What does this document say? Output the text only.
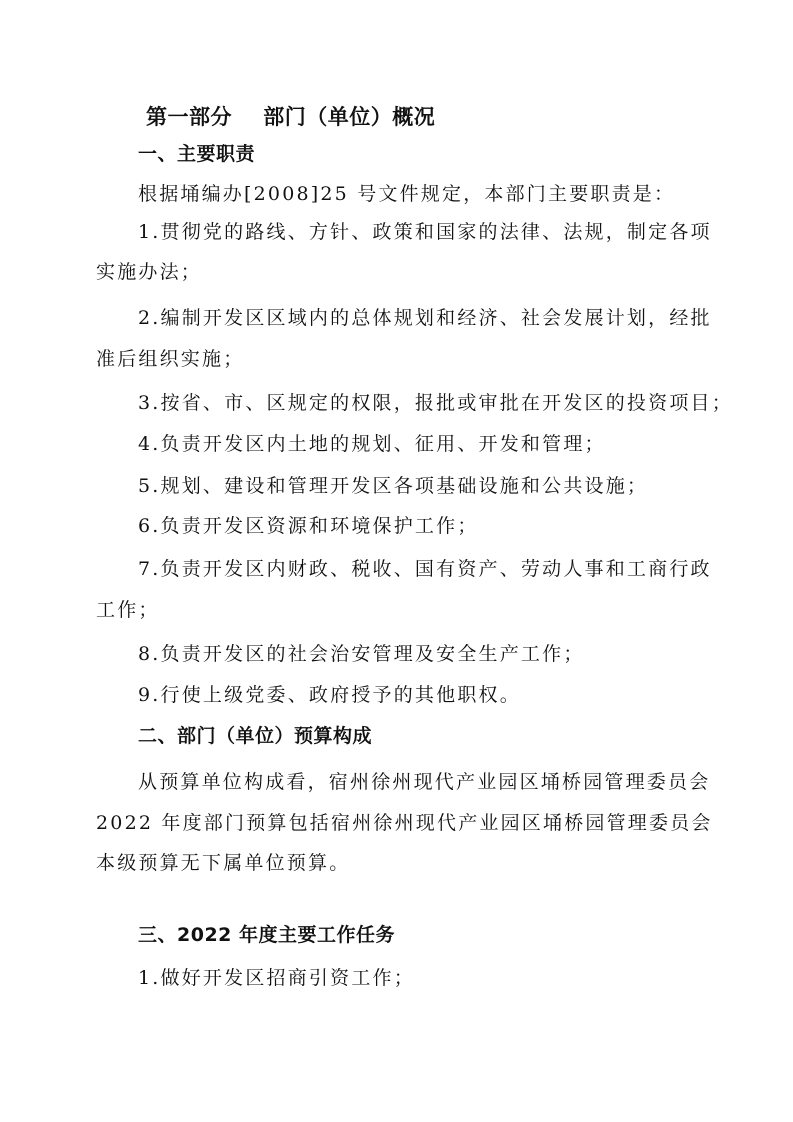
第一部分    部门（单位）概况
一、主要职责
根据埇编办[2008]25 号文件规定，本部门主要职责是：
1.贯彻党的路线、方针、政策和国家的法律、法规，制定各项
实施办法；
2.编制开发区区域内的总体规划和经济、社会发展计划，经批
准后组织实施；
3.按省、市、区规定的权限，报批或审批在开发区的投资项目；
4.负责开发区内土地的规划、征用、开发和管理；
5.规划、建设和管理开发区各项基础设施和公共设施；
6.负责开发区资源和环境保护工作；
7.负责开发区内财政、税收、国有资产、劳动人事和工商行政
工作；
8.负责开发区的社会治安管理及安全生产工作；
9.行使上级党委、政府授予的其他职权。
二、部门（单位）预算构成
从预算单位构成看，宿州徐州现代产业园区埇桥园管理委员会
2022 年度部门预算包括宿州徐州现代产业园区埇桥园管理委员会
本级预算无下属单位预算。
三、2022 年度主要工作任务
1.做好开发区招商引资工作；
